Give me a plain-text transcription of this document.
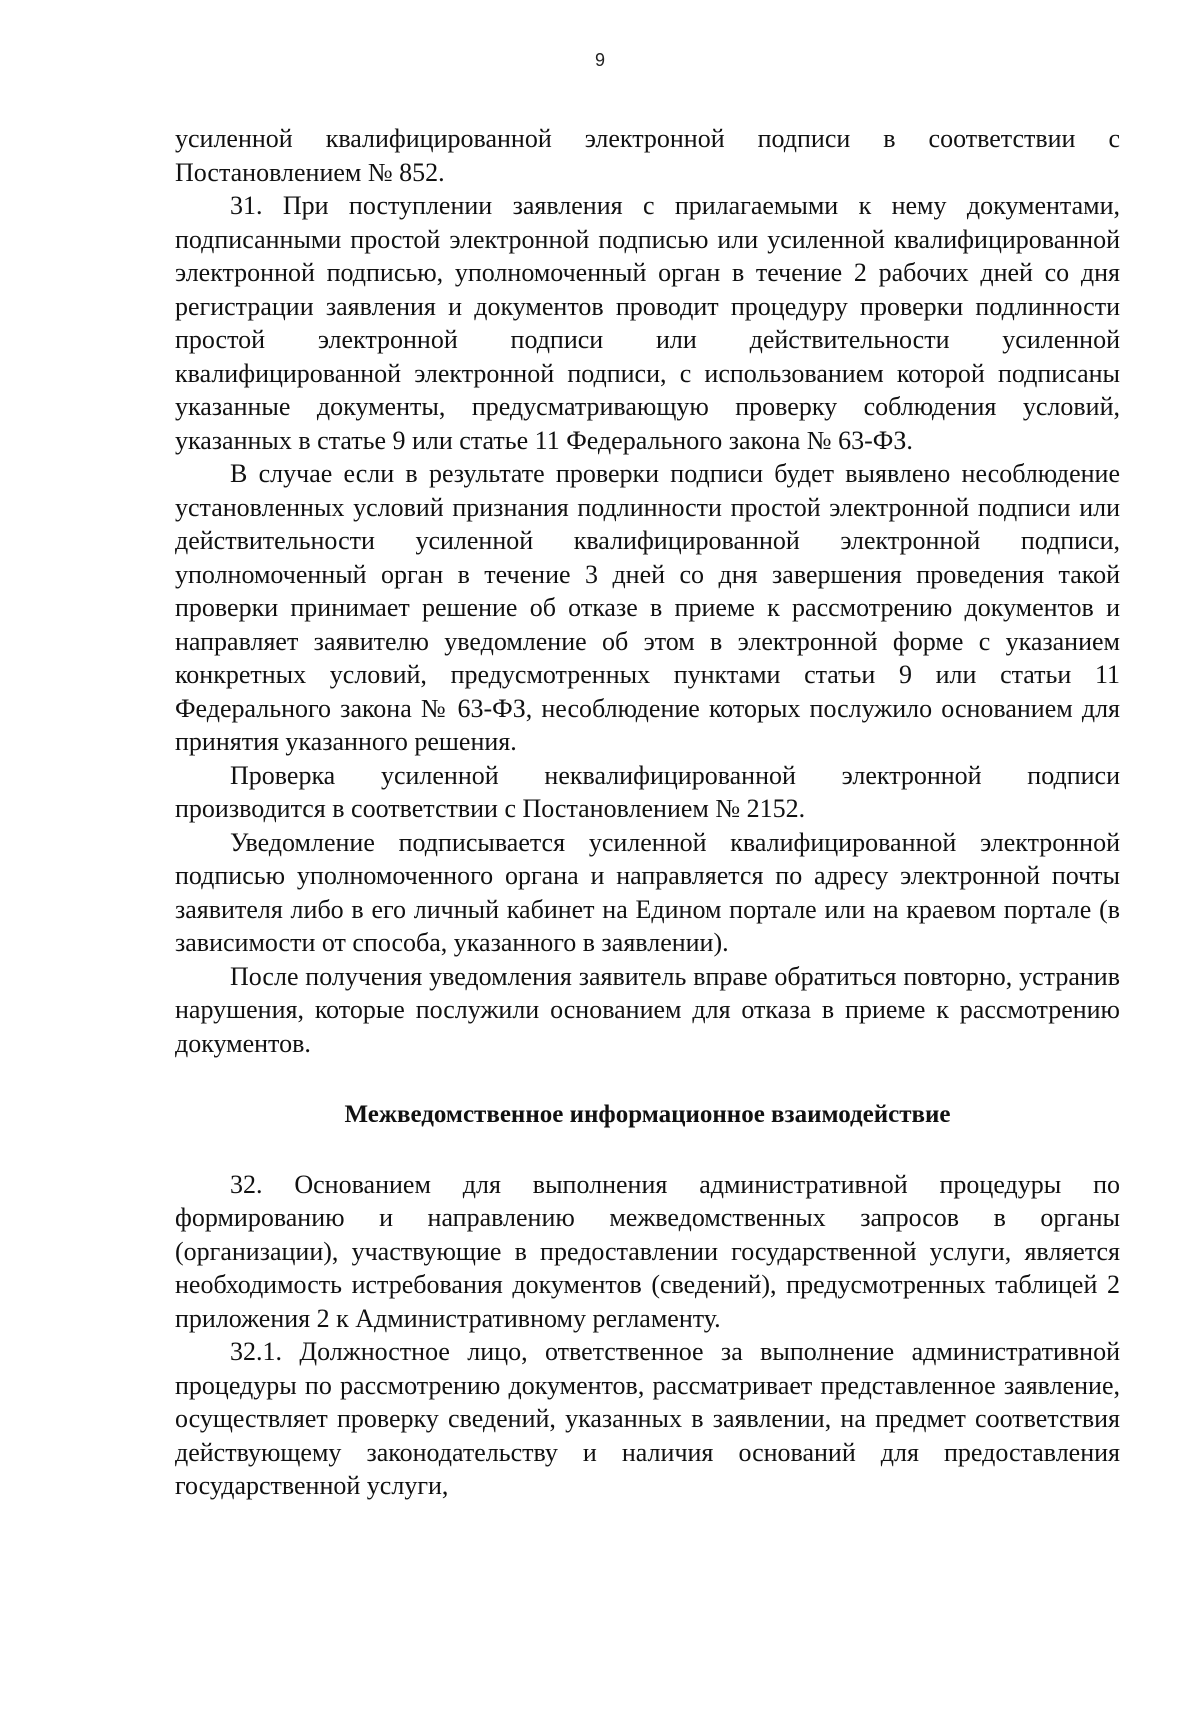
9

усиленной квалифицированной электронной подписи в соответствии с Постановлением № 852.

31. При поступлении заявления с прилагаемыми к нему документами, подписанными простой электронной подписью или усиленной квалифицированной электронной подписью, уполномоченный орган в течение 2 рабочих дней со дня регистрации заявления и документов проводит процедуру проверки подлинности простой электронной подписи или действительности усиленной квалифицированной электронной подписи, с использованием которой подписаны указанные документы, предусматривающую проверку соблюдения условий, указанных в статье 9 или статье 11 Федерального закона № 63-ФЗ.

В случае если в результате проверки подписи будет выявлено несоблюдение установленных условий признания подлинности простой электронной подписи или действительности усиленной квалифицированной электронной подписи, уполномоченный орган в течение 3 дней со дня завершения проведения такой проверки принимает решение об отказе в приеме к рассмотрению документов и направляет заявителю уведомление об этом в электронной форме с указанием конкретных условий, предусмотренных пунктами статьи 9 или статьи 11 Федерального закона № 63-ФЗ, несоблюдение которых послужило основанием для принятия указанного решения.

Проверка усиленной неквалифицированной электронной подписи производится в соответствии с Постановлением № 2152.

Уведомление подписывается усиленной квалифицированной электронной подписью уполномоченного органа и направляется по адресу электронной почты заявителя либо в его личный кабинет на Едином портале или на краевом портале (в зависимости от способа, указанного в заявлении).

После получения уведомления заявитель вправе обратиться повторно, устранив нарушения, которые послужили основанием для отказа в приеме к рассмотрению документов.

Межведомственное информационное взаимодействие

32. Основанием для выполнения административной процедуры по формированию и направлению межведомственных запросов в органы (организации), участвующие в предоставлении государственной услуги, является необходимость истребования документов (сведений), предусмотренных таблицей 2 приложения 2 к Административному регламенту.

32.1. Должностное лицо, ответственное за выполнение административной процедуры по рассмотрению документов, рассматривает представленное заявление, осуществляет проверку сведений, указанных в заявлении, на предмет соответствия действующему законодательству и наличия оснований для предоставления государственной услуги,
